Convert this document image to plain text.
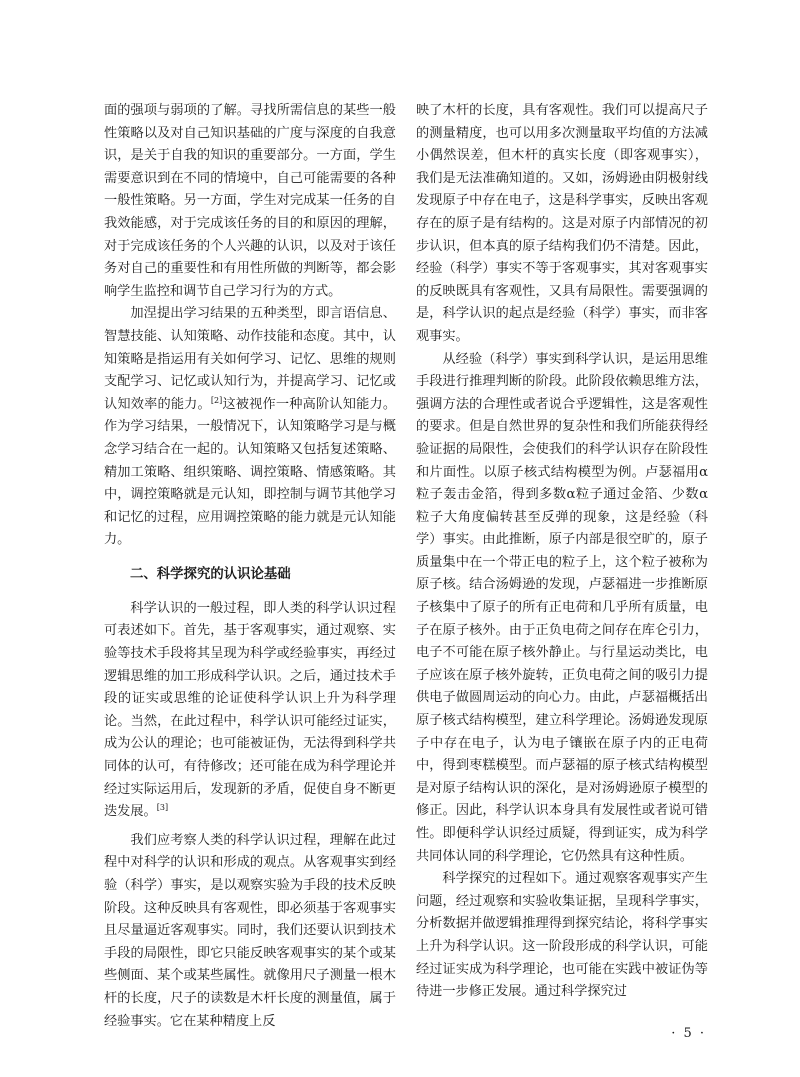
面的强项与弱项的了解。寻找所需信息的某些一般性策略以及对自己知识基础的广度与深度的自我意识，是关于自我的知识的重要部分。一方面，学生需要意识到在不同的情境中，自己可能需要的各种一般性策略。另一方面，学生对完成某一任务的自我效能感，对于完成该任务的目的和原因的理解，对于完成该任务的个人兴趣的认识，以及对于该任务对自己的重要性和有用性所做的判断等，都会影响学生监控和调节自己学习行为的方式。

加涅提出学习结果的五种类型，即言语信息、智慧技能、认知策略、动作技能和态度。其中，认知策略是指运用有关如何学习、记忆、思维的规则支配学习、记忆或认知行为，并提高学习、记忆或认知效率的能力。[2]这被视作一种高阶认知能力。作为学习结果，一般情况下，认知策略学习是与概念学习结合在一起的。认知策略又包括复述策略、精加工策略、组织策略、调控策略、情感策略。其中，调控策略就是元认知，即控制与调节其他学习和记忆的过程，应用调控策略的能力就是元认知能力。

二、科学探究的认识论基础

科学认识的一般过程，即人类的科学认识过程可表述如下。首先，基于客观事实，通过观察、实验等技术手段将其呈现为科学或经验事实，再经过逻辑思维的加工形成科学认识。之后，通过技术手段的证实或思维的论证使科学认识上升为科学理论。当然，在此过程中，科学认识可能经过证实，成为公认的理论；也可能被证伪，无法得到科学共同体的认可，有待修改；还可能在成为科学理论并经过实际运用后，发现新的矛盾，促使自身不断更迭发展。[3]

我们应考察人类的科学认识过程，理解在此过程中对科学的认识和形成的观点。从客观事实到经验（科学）事实，是以观察实验为手段的技术反映阶段。这种反映具有客观性，即必须基于客观事实且尽量逼近客观事实。同时，我们还要认识到技术手段的局限性，即它只能反映客观事实的某个或某些侧面、某个或某些属性。就像用尺子测量一根木杆的长度，尺子的读数是木杆长度的测量值，属于经验事实。它在某种精度上反

映了木杆的长度，具有客观性。我们可以提高尺子的测量精度，也可以用多次测量取平均值的方法减小偶然误差，但木杆的真实长度（即客观事实），我们是无法准确知道的。又如，汤姆逊由阴极射线发现原子中存在电子，这是科学事实，反映出客观存在的原子是有结构的。这是对原子内部情况的初步认识，但本真的原子结构我们仍不清楚。因此，经验（科学）事实不等于客观事实，其对客观事实的反映既具有客观性，又具有局限性。需要强调的是，科学认识的起点是经验（科学）事实，而非客观事实。

从经验（科学）事实到科学认识，是运用思维手段进行推理判断的阶段。此阶段依赖思维方法，强调方法的合理性或者说合乎逻辑性，这是客观性的要求。但是自然世界的复杂性和我们所能获得经验证据的局限性，会使我们的科学认识存在阶段性和片面性。以原子核式结构模型为例。卢瑟福用α粒子轰击金箔，得到多数α粒子通过金箔、少数α粒子大角度偏转甚至反弹的现象，这是经验（科学）事实。由此推断，原子内部是很空旷的，原子质量集中在一个带正电的粒子上，这个粒子被称为原子核。结合汤姆逊的发现，卢瑟福进一步推断原子核集中了原子的所有正电荷和几乎所有质量，电子在原子核外。由于正负电荷之间存在库仑引力，电子不可能在原子核外静止。与行星运动类比，电子应该在原子核外旋转，正负电荷之间的吸引力提供电子做圆周运动的向心力。由此，卢瑟福概括出原子核式结构模型，建立科学理论。汤姆逊发现原子中存在电子，认为电子镶嵌在原子内的正电荷中，得到枣糕模型。而卢瑟福的原子核式结构模型是对原子结构认识的深化，是对汤姆逊原子模型的修正。因此，科学认识本身具有发展性或者说可错性。即便科学认识经过质疑，得到证实，成为科学共同体认同的科学理论，它仍然具有这种性质。

科学探究的过程如下。通过观察客观事实产生问题，经过观察和实验收集证据，呈现科学事实，分析数据并做逻辑推理得到探究结论，将科学事实上升为科学认识。这一阶段形成的科学认识，可能经过证实成为科学理论，也可能在实践中被证伪等待进一步修正发展。通过科学探究过

· 5 ·
